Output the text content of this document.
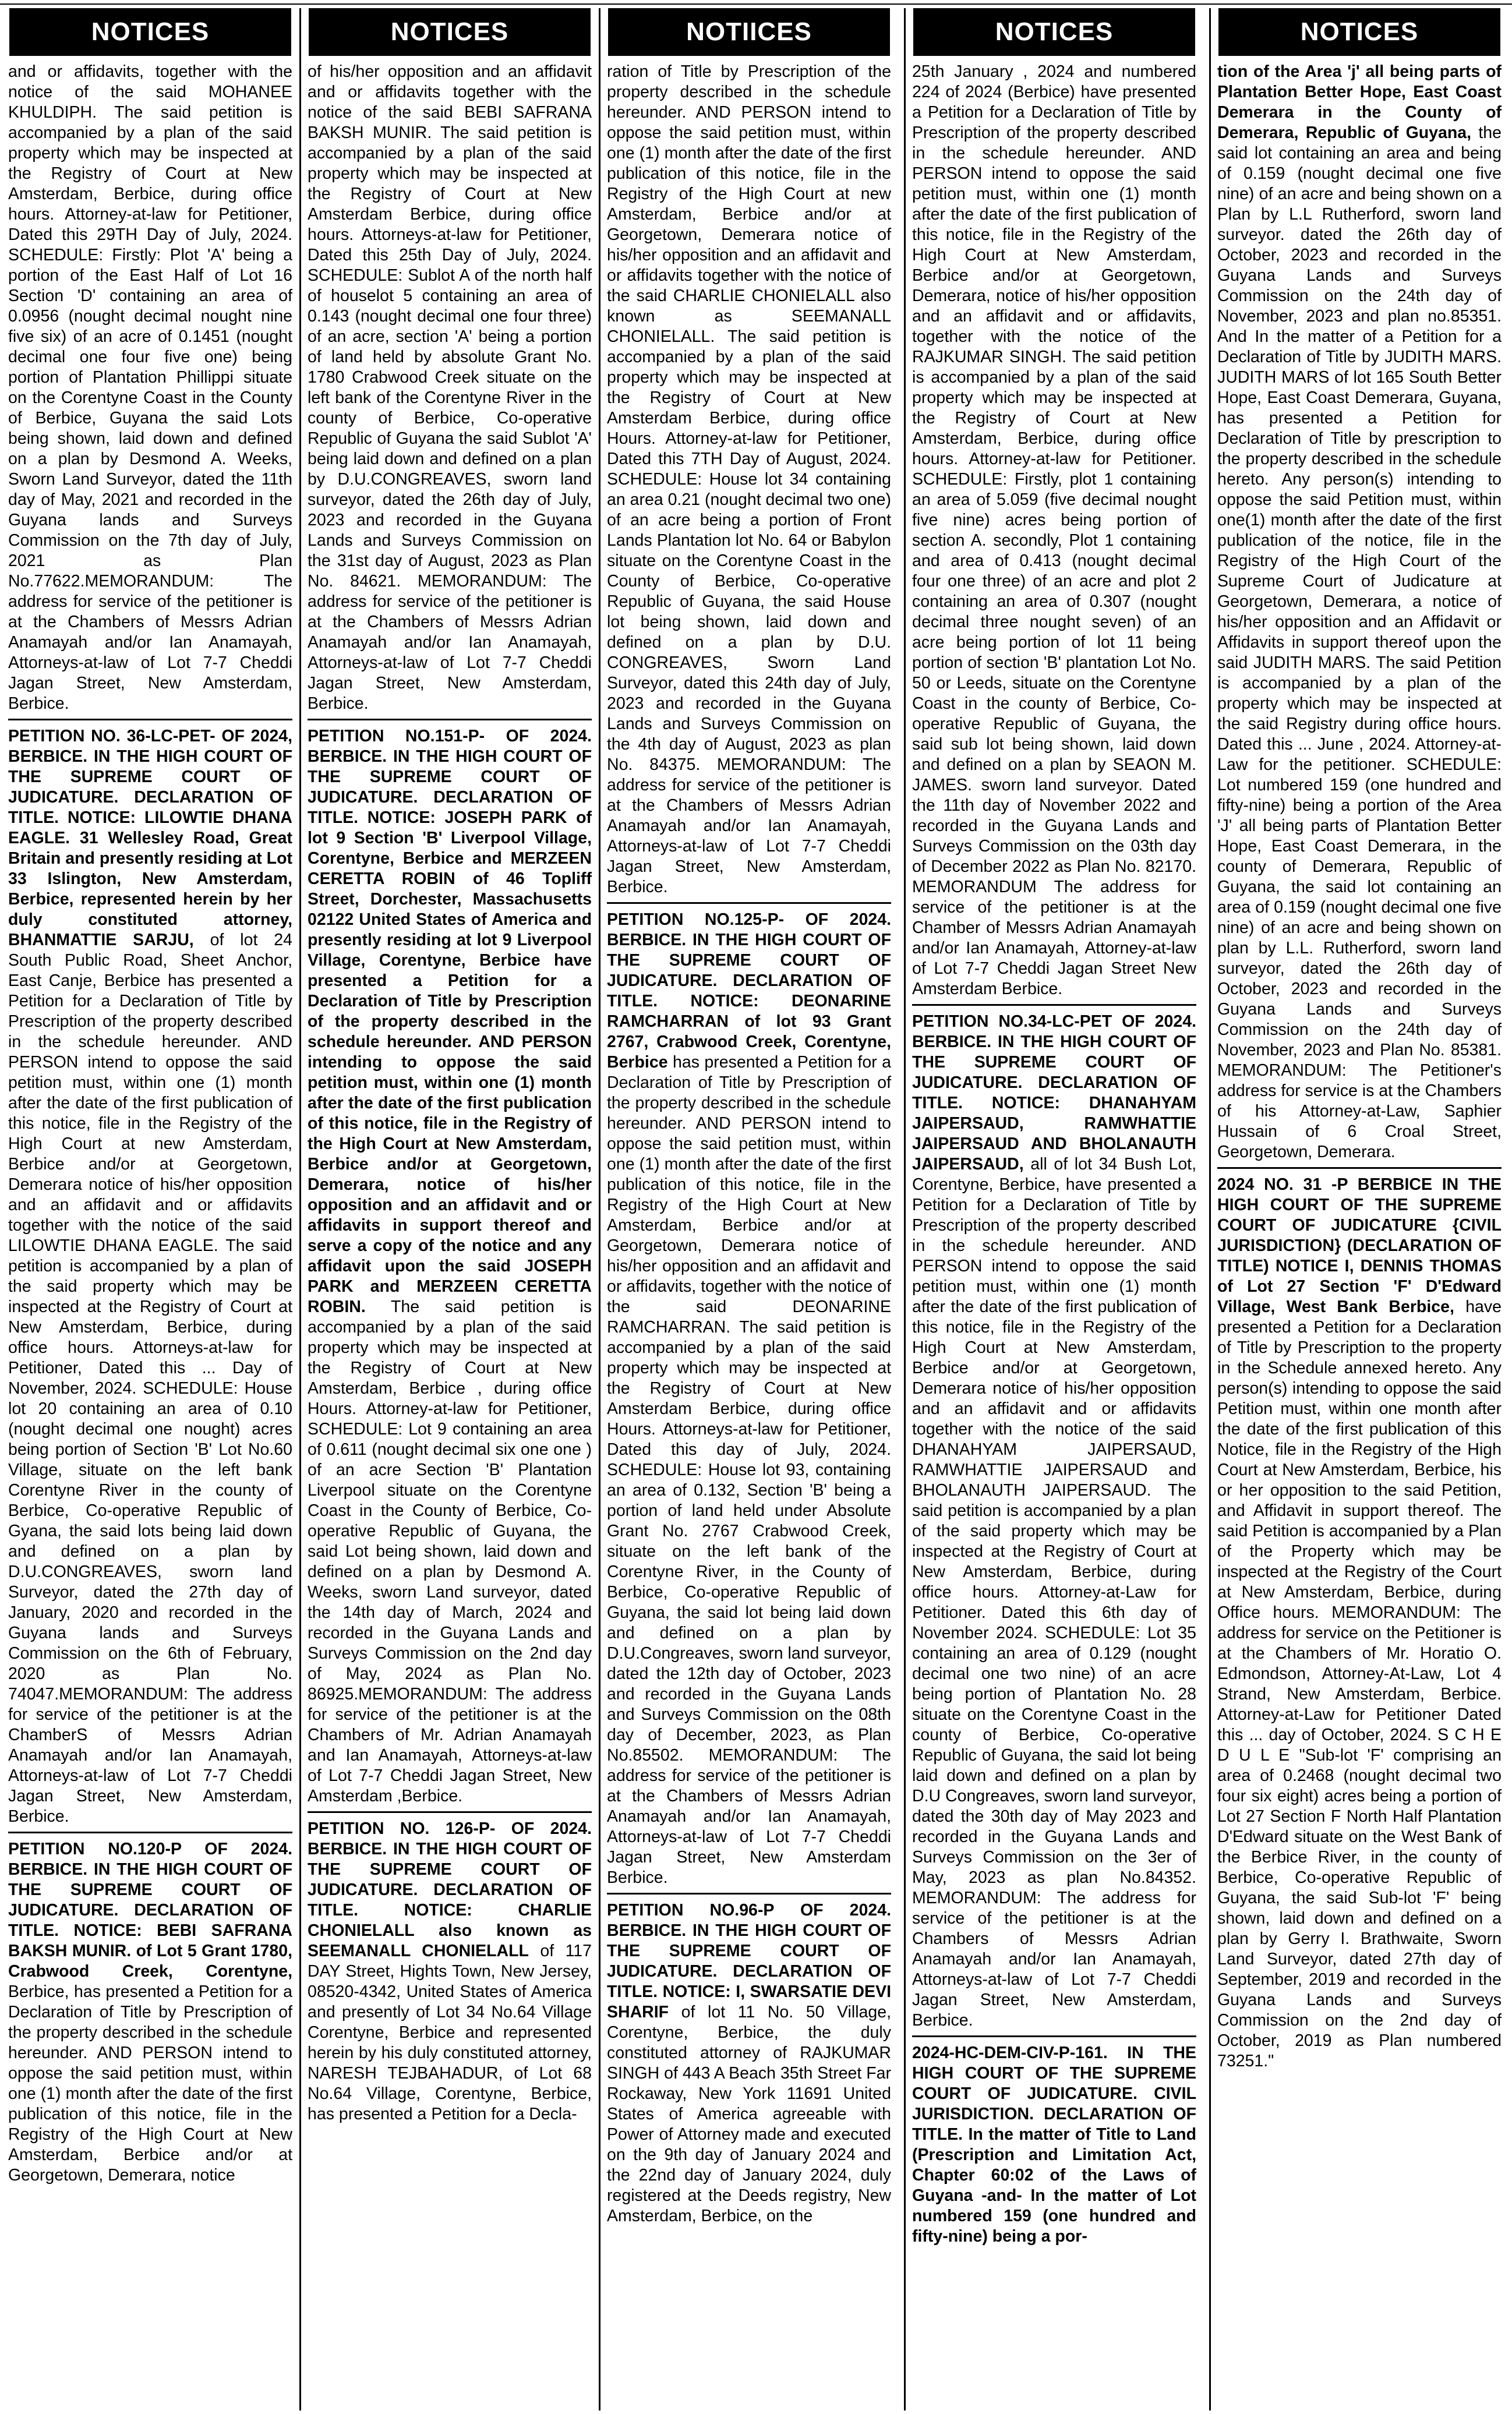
NOTICES

and or affidavits, together with the notice of the said MOHANEE KHULDIPH. The said petition is accompanied by a plan of the said property which may be inspected at the Registry of Court at New Amsterdam, Berbice, during office hours. Attorney-at-law for Petitioner, Dated this 29TH Day of July, 2024. SCHEDULE: Firstly: Plot 'A' being a portion of the East Half of Lot 16 Section 'D' containing an area of 0.0956 (nought decimal nought nine five six) of an acre of 0.1451 (nought decimal one four five one) being portion of Plantation Phillippi situate on the Corentyne Coast in the County of Berbice, Guyana the said Lots being shown, laid down and defined on a plan by Desmond A. Weeks, Sworn Land Surveyor, dated the 11th day of May, 2021 and recorded in the Guyana lands and Surveys Commission on the 7th day of July, 2021 as Plan No.77622.MEMORANDUM: The address for service of the petitioner is at the Chambers of Messrs Adrian Anamayah and/or Ian Anamayah, Attorneys-at-law of Lot 7-7 Cheddi Jagan Street, New Amsterdam, Berbice.

PETITION NO. 36-LC-PET- OF 2024, BERBICE. IN THE HIGH COURT OF THE SUPREME COURT OF JUDICATURE. DECLARATION OF TITLE. NOTICE: LILOWTIE DHANA EAGLE. 31 Wellesley Road, Great Britain and presently residing at Lot 33 Islington, New Amsterdam, Berbice, represented herein by her duly constituted attorney, BHANMATTIE SARJU, of lot 24 South Public Road, Sheet Anchor, East Canje, Berbice has presented a Petition for a Declaration of Title by Prescription of the property described in the schedule hereunder. AND PERSON intend to oppose the said petition must, within one (1) month after the date of the first publication of this notice, file in the Registry of the High Court at new Amsterdam, Berbice and/or at Georgetown, Demerara notice of his/her opposition and an affidavit and or affidavits together with the notice of the said LILOWTIE DHANA EAGLE. The said petition is accompanied by a plan of the said property which may be inspected at the Registry of Court at New Amsterdam, Berbice, during office hours. Attorneys-at-law for Petitioner, Dated this ... Day of November, 2024. SCHEDULE: House lot 20 containing an area of 0.10 (nought decimal one nought) acres being portion of Section 'B' Lot No.60 Village, situate on the left bank Corentyne River in the county of Berbice, Co-operative Republic of Gyana, the said lots being laid down and defined on a plan by D.U.CONGREAVES, sworn land Surveyor, dated the 27th day of January, 2020 and recorded in the Guyana lands and Surveys Commission on the 6th of February, 2020 as Plan No. 74047.MEMORANDUM: The address for service of the petitioner is at the ChamberS of Messrs Adrian Anamayah and/or Ian Anamayah, Attorneys-at-law of Lot 7-7 Cheddi Jagan Street, New Amsterdam, Berbice.

PETITION NO.120-P OF 2024. BERBICE. IN THE HIGH COURT OF THE SUPREME COURT OF JUDICATURE. DECLARATION OF TITLE. NOTICE: BEBI SAFRANA BAKSH MUNIR. of Lot 5 Grant 1780, Crabwood Creek, Corentyne, Berbice, has presented a Petition for a Declaration of Title by Prescription of the property described in the schedule hereunder. AND PERSON intend to oppose the said petition must, within one (1) month after the date of the first publication of this notice, file in the Registry of the High Court at New Amsterdam, Berbice and/or at Georgetown, Demerara, notice

NOTICES

of his/her opposition and an affidavit and or affidavits together with the notice of the said BEBI SAFRANA BAKSH MUNIR. The said petition is accompanied by a plan of the said property which may be inspected at the Registry of Court at New Amsterdam Berbice, during office hours. Attorneys-at-law for Petitioner, Dated this 25th Day of July, 2024. SCHEDULE: Sublot A of the north half of houselot 5 containing an area of 0.143 (nought decimal one four three) of an acre, section 'A' being a portion of land held by absolute Grant No. 1780 Crabwood Creek situate on the left bank of the Corentyne River in the county of Berbice, Co-operative Republic of Guyana the said Sublot 'A' being laid down and defined on a plan by D.U.CONGREAVES, sworn land surveyor, dated the 26th day of July, 2023 and recorded in the Guyana Lands and Surveys Commission on the 31st day of August, 2023 as Plan No. 84621. MEMORANDUM: The address for service of the petitioner is at the Chambers of Messrs Adrian Anamayah and/or Ian Anamayah, Attorneys-at-law of Lot 7-7 Cheddi Jagan Street, New Amsterdam, Berbice.

PETITION NO.151-P- OF 2024. BERBICE. IN THE HIGH COURT OF THE SUPREME COURT OF JUDICATURE. DECLARATION OF TITLE. NOTICE: JOSEPH PARK of lot 9 Section 'B' Liverpool Village, Corentyne, Berbice and MERZEEN CERETTA ROBIN of 46 Topliff Street, Dorchester, Massachusetts 02122 United States of America and presently residing at lot 9 Liverpool Village, Corentyne, Berbice have presented a Petition for a Declaration of Title by Prescription of the property described in the schedule hereunder. AND PERSON intending to oppose the said petition must, within one (1) month after the date of the first publication of this notice, file in the Registry of the High Court at New Amsterdam, Berbice and/or at Georgetown, Demerara, notice of his/her opposition and an affidavit and or affidavits in support thereof and serve a copy of the notice and any affidavit upon the said JOSEPH PARK and MERZEEN CERETTA ROBIN. The said petition is accompanied by a plan of the said property which may be inspected at the Registry of Court at New Amsterdam, Berbice , during office Hours. Attorney-at-law for Petitioner, SCHEDULE: Lot 9 containing an area of 0.611 (nought decimal six one one ) of an acre Section 'B' Plantation Liverpool situate on the Corentyne Coast in the County of Berbice, Co-operative Republic of Guyana, the said Lot being shown, laid down and defined on a plan by Desmond A. Weeks, sworn Land surveyor, dated the 14th day of March, 2024 and recorded in the Guyana Lands and Surveys Commission on the 2nd day of May, 2024 as Plan No. 86925.MEMORANDUM: The address for service of the petitioner is at the Chambers of Mr. Adrian Anamayah and Ian Anamayah, Attorneys-at-law of Lot 7-7 Cheddi Jagan Street, New Amsterdam ,Berbice.

PETITION NO. 126-P- OF 2024. BERBICE. IN THE HIGH COURT OF THE SUPREME COURT OF JUDICATURE. DECLARATION OF TITLE. NOTICE: CHARLIE CHONIELALL also known as SEEMANALL CHONIELALL of 117 DAY Street, Hights Town, New Jersey, 08520-4342, United States of America and presently of Lot 34 No.64 Village Corentyne, Berbice and represented herein by his duly constituted attorney, NARESH TEJBAHADUR, of Lot 68 No.64 Village, Corentyne, Berbice, has presented a Petition for a Decla-

NOTIICES

ration of Title by Prescription of the property described in the schedule hereunder. AND PERSON intend to oppose the said petition must, within one (1) month after the date of the first publication of this notice, file in the Registry of the High Court at new Amsterdam, Berbice and/or at Georgetown, Demerara notice of his/her opposition and an affidavit and or affidavits together with the notice of the said CHARLIE CHONIELALL also known as SEEMANALL CHONIELALL. The said petition is accompanied by a plan of the said property which may be inspected at the Registry of Court at New Amsterdam Berbice, during office Hours. Attorney-at-law for Petitioner, Dated this 7TH Day of August, 2024. SCHEDULE: House lot 34 containing an area 0.21 (nought decimal two one) of an acre being a portion of Front Lands Plantation lot No. 64 or Babylon situate on the Corentyne Coast in the County of Berbice, Co-operative Republic of Guyana, the said House lot being shown, laid down and defined on a plan by D.U. CONGREAVES, Sworn Land Surveyor, dated this 24th day of July, 2023 and recorded in the Guyana Lands and Surveys Commission on the 4th day of August, 2023 as plan No. 84375. MEMORANDUM: The address for service of the petitioner is at the Chambers of Messrs Adrian Anamayah and/or Ian Anamayah, Attorneys-at-law of Lot 7-7 Cheddi Jagan Street, New Amsterdam, Berbice.

PETITION NO.125-P- OF 2024. BERBICE. IN THE HIGH COURT OF THE SUPREME COURT OF JUDICATURE. DECLARATION OF TITLE. NOTICE: DEONARINE RAMCHARRAN of lot 93 Grant 2767, Crabwood Creek, Corentyne, Berbice has presented a Petition for a Declaration of Title by Prescription of the property described in the schedule hereunder. AND PERSON intend to oppose the said petition must, within one (1) month after the date of the first publication of this notice, file in the Registry of the High Court at New Amsterdam, Berbice and/or at Georgetown, Demerara notice of his/her opposition and an affidavit and or affidavits, together with the notice of the said DEONARINE RAMCHARRAN. The said petition is accompanied by a plan of the said property which may be inspected at the Registry of Court at New Amsterdam Berbice, during office Hours. Attorneys-at-law for Petitioner, Dated this day of July, 2024. SCHEDULE: House lot 93, containing an area of 0.132, Section 'B' being a portion of land held under Absolute Grant No. 2767 Crabwood Creek, situate on the left bank of the Corentyne River, in the County of Berbice, Co-operative Republic of Guyana, the said lot being laid down and defined on a plan by D.U.Congreaves, sworn land surveyor, dated the 12th day of October, 2023 and recorded in the Guyana Lands and Surveys Commission on the 08th day of December, 2023, as Plan No.85502. MEMORANDUM: The address for service of the petitioner is at the Chambers of Messrs Adrian Anamayah and/or Ian Anamayah, Attorneys-at-law of Lot 7-7 Cheddi Jagan Street, New Amsterdam Berbice.

PETITION NO.96-P OF 2024. BERBICE. IN THE HIGH COURT OF THE SUPREME COURT OF JUDICATURE. DECLARATION OF TITLE. NOTICE: I, SWARSATIE DEVI SHARIF of lot 11 No. 50 Village, Corentyne, Berbice, the duly constituted attorney of RAJKUMAR SINGH of 443 A Beach 35th Street Far Rockaway, New York 11691 United States of America agreeable with Power of Attorney made and executed on the 9th day of January 2024 and the 22nd day of January 2024, duly registered at the Deeds registry, New Amsterdam, Berbice, on the

NOTICES

25th January , 2024 and numbered 224 of 2024 (Berbice) have presented a Petition for a Declaration of Title by Prescription of the property described in the schedule hereunder. AND PERSON intend to oppose the said petition must, within one (1) month after the date of the first publication of this notice, file in the Registry of the High Court at New Amsterdam, Berbice and/or at Georgetown, Demerara, notice of his/her opposition and an affidavit and or affidavits, together with the notice of the RAJKUMAR SINGH. The said petition is accompanied by a plan of the said property which may be inspected at the Registry of Court at New Amsterdam, Berbice, during office hours. Attorney-at-law for Petitioner. SCHEDULE: Firstly, plot 1 containing an area of 5.059 (five decimal nought five nine) acres being portion of section A. secondly, Plot 1 containing and area of 0.413 (nought decimal four one three) of an acre and plot 2 containing an area of 0.307 (nought decimal three nought seven) of an acre being portion of lot 11 being portion of section 'B' plantation Lot No. 50 or Leeds, situate on the Corentyne Coast in the county of Berbice, Co-operative Republic of Guyana, the said sub lot being shown, laid down and defined on a plan by SEAON M. JAMES. sworn land surveyor. Dated the 11th day of November 2022 and recorded in the Guyana Lands and Surveys Commission on the 03th day of December 2022 as Plan No. 82170. MEMORANDUM The address for service of the petitioner is at the Chamber of Messrs Adrian Anamayah and/or Ian Anamayah, Attorney-at-law of Lot 7-7 Cheddi Jagan Street New Amsterdam Berbice.

PETITION NO.34-LC-PET OF 2024. BERBICE. IN THE HIGH COURT OF THE SUPREME COURT OF JUDICATURE. DECLARATION OF TITLE. NOTICE: DHANAHYAM JAIPERSAUD, RAMWHATTIE JAIPERSAUD AND BHOLANAUTH JAIPERSAUD, all of lot 34 Bush Lot, Corentyne, Berbice, have presented a Petition for a Declaration of Title by Prescription of the property described in the schedule hereunder. AND PERSON intend to oppose the said petition must, within one (1) month after the date of the first publication of this notice, file in the Registry of the High Court at New Amsterdam, Berbice and/or at Georgetown, Demerara notice of his/her opposition and an affidavit and or affidavits together with the notice of the said DHANAHYAM JAIPERSAUD, RAMWHATTIE JAIPERSAUD and BHOLANAUTH JAIPERSAUD. The said petition is accompanied by a plan of the said property which may be inspected at the Registry of Court at New Amsterdam, Berbice, during office hours. Attorney-at-Law for Petitioner. Dated this 6th day of November 2024. SCHEDULE: Lot 35 containing an area of 0.129 (nought decimal one two nine) of an acre being portion of Plantation No. 28 situate on the Corentyne Coast in the county of Berbice, Co-operative Republic of Guyana, the said lot being laid down and defined on a plan by D.U Congreaves, sworn land surveyor, dated the 30th day of May 2023 and recorded in the Guyana Lands and Surveys Commission on the 3er of May, 2023 as plan No.84352. MEMORANDUM: The address for service of the petitioner is at the Chambers of Messrs Adrian Anamayah and/or Ian Anamayah, Attorneys-at-law of Lot 7-7 Cheddi Jagan Street, New Amsterdam, Berbice.

2024-HC-DEM-CIV-P-161. IN THE HIGH COURT OF THE SUPREME COURT OF JUDICATURE. CIVIL JURISDICTION. DECLARATION OF TITLE. In the matter of Title to Land (Prescription and Limitation Act, Chapter 60:02 of the Laws of Guyana -and- In the matter of Lot numbered 159 (one hundred and fifty-nine) being a por-

NOTICES

tion of the Area 'j' all being parts of Plantation Better Hope, East Coast Demerara in the County of Demerara, Republic of Guyana, the said lot containing an area and being of 0.159 (nought decimal one five nine) of an acre and being shown on a Plan by L.L Rutherford, sworn land surveyor. dated the 26th day of October, 2023 and recorded in the Guyana Lands and Surveys Commission on the 24th day of November, 2023 and plan no.85351. And In the matter of a Petition for a Declaration of Title by JUDITH MARS. JUDITH MARS of lot 165 South Better Hope, East Coast Demerara, Guyana, has presented a Petition for Declaration of Title by prescription to the property described in the schedule hereto. Any person(s) intending to oppose the said Petition must, within one(1) month after the date of the first publication of the notice, file in the Registry of the High Court of the Supreme Court of Judicature at Georgetown, Demerara, a notice of his/her opposition and an Affidavit or Affidavits in support thereof upon the said JUDITH MARS. The said Petition is accompanied by a plan of the property which may be inspected at the said Registry during office hours. Dated this ... June , 2024. Attorney-at-Law for the petitioner. SCHEDULE: Lot numbered 159 (one hundred and fifty-nine) being a portion of the Area 'J' all being parts of Plantation Better Hope, East Coast Demerara, in the county of Demerara, Republic of Guyana, the said lot containing an area of 0.159 (nought decimal one five nine) of an acre and being shown on plan by L.L. Rutherford, sworn land surveyor, dated the 26th day of October, 2023 and recorded in the Guyana Lands and Surveys Commission on the 24th day of November, 2023 and Plan No. 85381. MEMORANDUM: The Petitioner's address for service is at the Chambers of his Attorney-at-Law, Saphier Hussain of 6 Croal Street, Georgetown, Demerara.

2024 NO. 31 -P BERBICE IN THE HIGH COURT OF THE SUPREME COURT OF JUDICATURE {CIVIL JURISDICTION} (DECLARATION OF TITLE) NOTICE I, DENNIS THOMAS of Lot 27 Section 'F' D'Edward Village, West Bank Berbice, have presented a Petition for a Declaration of Title by Prescription to the property in the Schedule annexed hereto. Any person(s) intending to oppose the said Petition must, within one month after the date of the first publication of this Notice, file in the Registry of the High Court at New Amsterdam, Berbice, his or her opposition to the said Petition, and Affidavit in support thereof. The said Petition is accompanied by a Plan of the Property which may be inspected at the Registry of the Court at New Amsterdam, Berbice, during Office hours. MEMORANDUM: The address for service on the Petitioner is at the Chambers of Mr. Horatio O. Edmondson, Attorney-At-Law, Lot 4 Strand, New Amsterdam, Berbice. Attorney-at-Law for Petitioner Dated this ... day of October, 2024. S C H E D U L E "Sub-lot 'F' comprising an area of 0.2468 (nought decimal two four six eight) acres being a portion of Lot 27 Section F North Half Plantation D'Edward situate on the West Bank of the Berbice River, in the county of Berbice, Co-operative Republic of Guyana, the said Sub-lot 'F' being shown, laid down and defined on a plan by Gerry I. Brathwaite, Sworn Land Surveyor, dated 27th day of September, 2019 and recorded in the Guyana Lands and Surveys Commission on the 2nd day of October, 2019 as Plan numbered 73251."
